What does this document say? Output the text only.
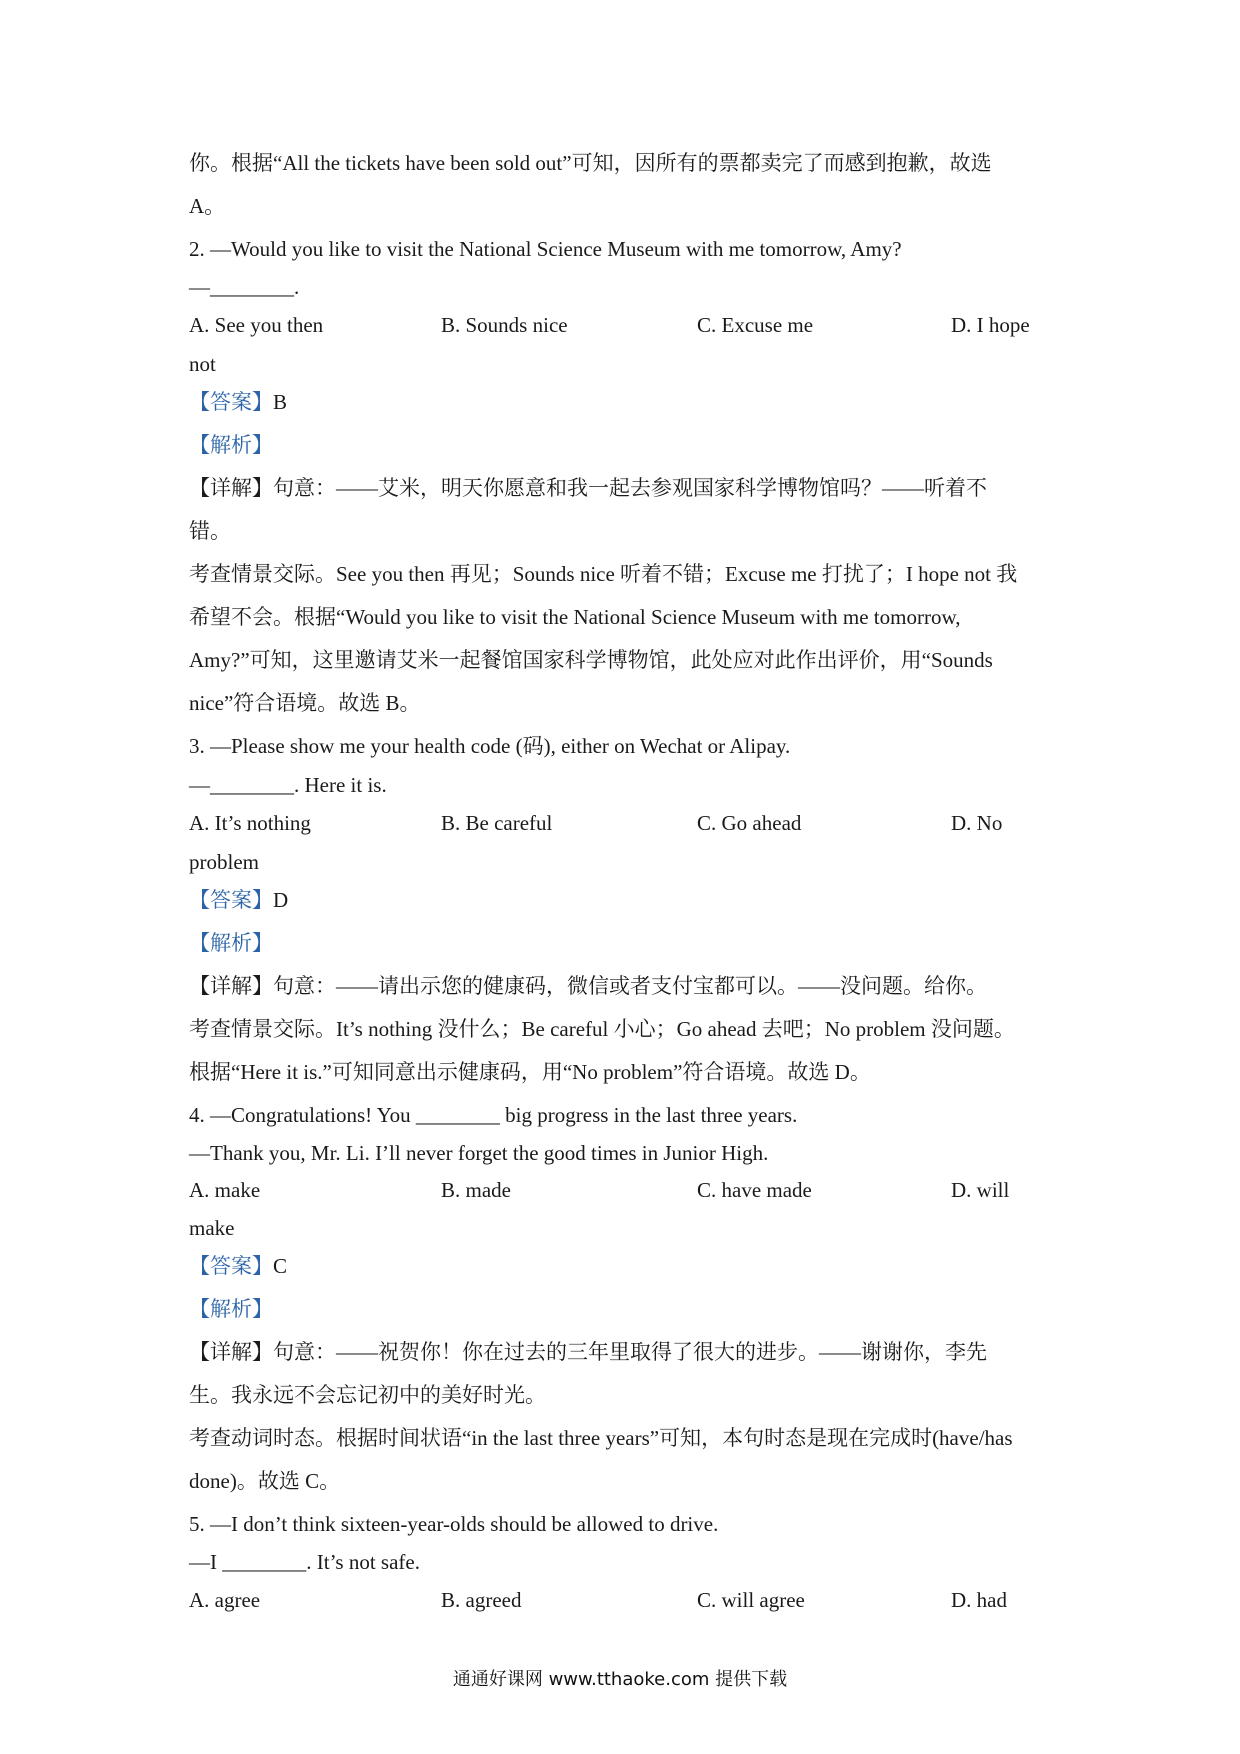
你。根据“All the tickets have been sold out”可知，因所有的票都卖完了而感到抱歉，故选
A。
2. —Would you like to visit the National Science Museum with me tomorrow, Amy?
—________.
A. See you then	B. Sounds nice	C. Excuse me	D. I hope
not
【答案】B
【解析】
【详解】句意：——艾米，明天你愿意和我一起去参观国家科学博物馆吗？——听着不
错。
考查情景交际。See you then 再见；Sounds nice 听着不错；Excuse me 打扰了；I hope not 我
希望不会。根据“Would you like to visit the National Science Museum with me tomorrow,
Amy?”可知，这里邀请艾米一起餐馆国家科学博物馆，此处应对此作出评价，用“Sounds
nice”符合语境。故选 B。
3. —Please show me your health code (码), either on Wechat or Alipay.
—________. Here it is.
A. It’s nothing	B. Be careful	C. Go ahead	D. No
problem
【答案】D
【解析】
【详解】句意：——请出示您的健康码，微信或者支付宝都可以。——没问题。给你。
考查情景交际。It’s nothing 没什么；Be careful 小心；Go ahead 去吧；No problem 没问题。
根据“Here it is.”可知同意出示健康码，用“No problem”符合语境。故选 D。
4. —Congratulations! You ________ big progress in the last three years.
—Thank you, Mr. Li. I’ll never forget the good times in Junior High.
A. make	B. made	C. have made	D. will
make
【答案】C
【解析】
【详解】句意：——祝贺你！你在过去的三年里取得了很大的进步。——谢谢你，李先
生。我永远不会忘记初中的美好时光。
考查动词时态。根据时间状语“in the last three years”可知，本句时态是现在完成时(have/has
done)。故选 C。
5. —I don’t think sixteen-year-olds should be allowed to drive.
—I ________. It’s not safe.
A. agree	B. agreed	C. will agree	D. had
通通好课网 www.tthaoke.com 提供下载
